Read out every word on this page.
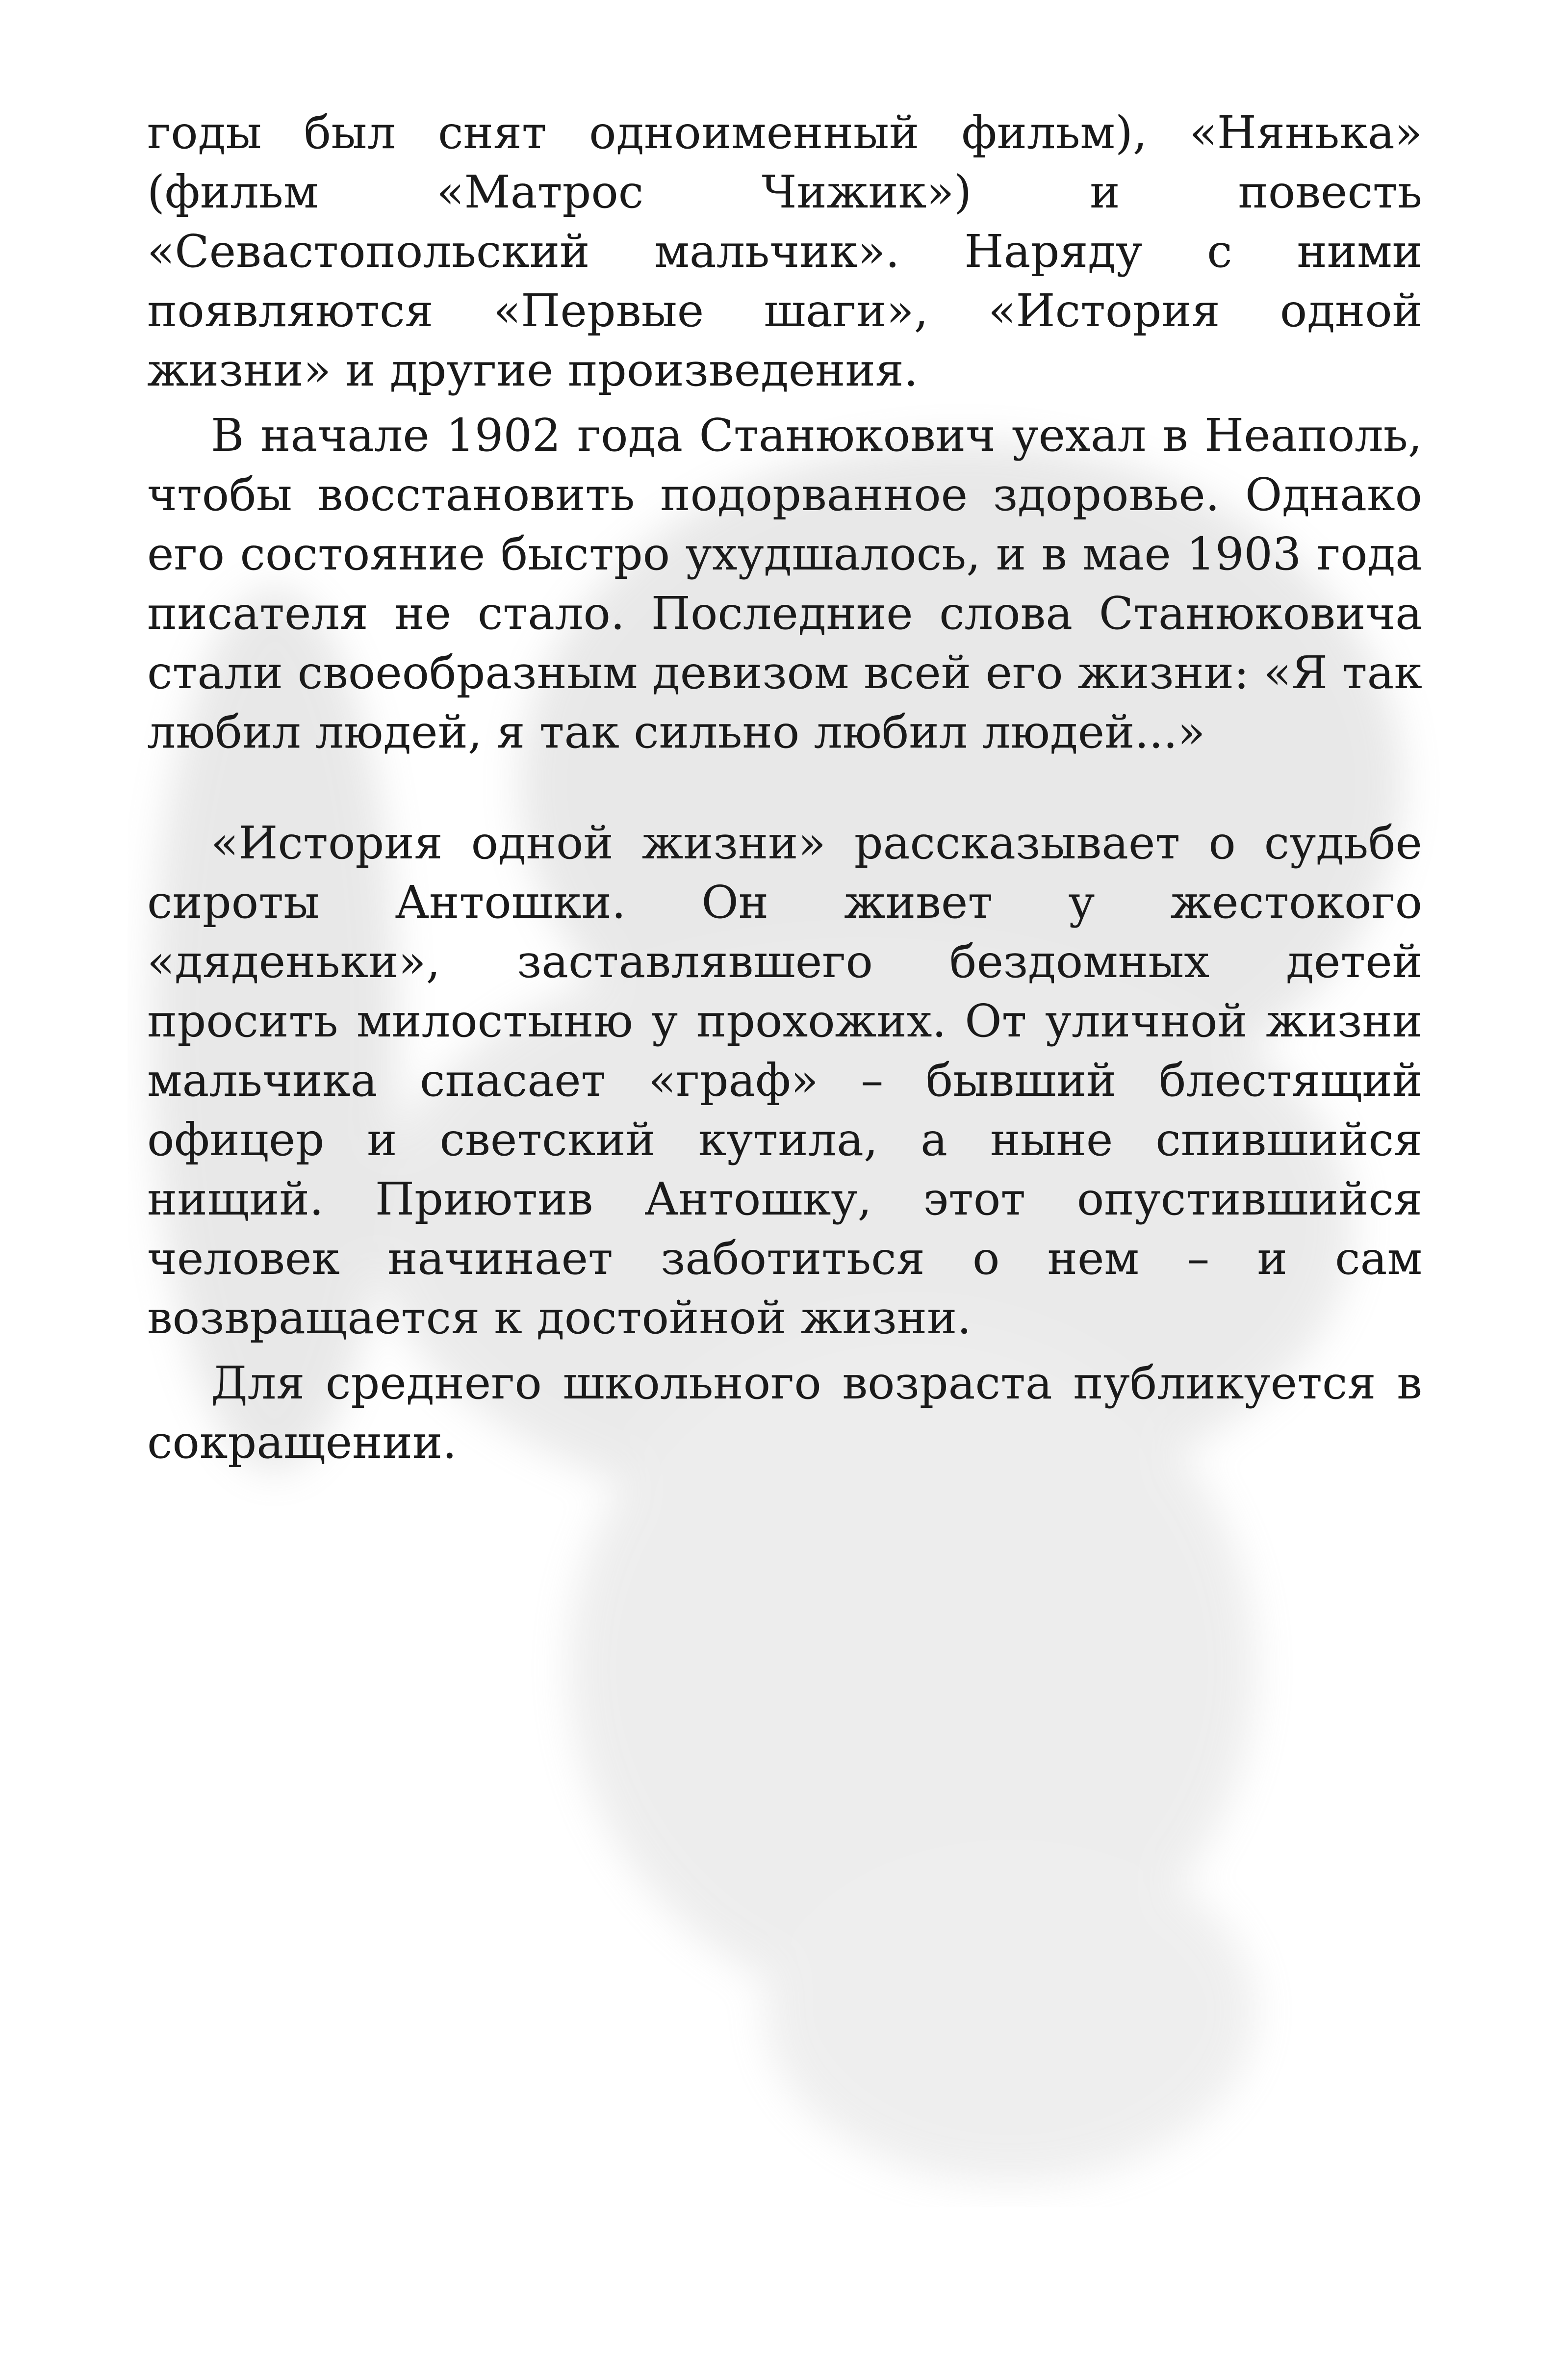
годы был снят одноименный фильм), «Нянька» (фильм «Матрос Чижик») и повесть «Севастопольский мальчик». Наряду с ними появляются «Первые шаги», «История одной жизни» и другие произведения.

В начале 1902 года Станюкович уехал в Неаполь, чтобы восстановить подорванное здоровье. Однако его состояние быстро ухудшалось, и в мае 1903 года писателя не стало. Последние слова Станюковича стали своеобразным девизом всей его жизни: «Я так любил людей, я так сильно любил людей...»

«История одной жизни» рассказывает о судьбе сироты Антошки. Он живет у жестокого «дяденьки», заставлявшего бездомных детей просить милостыню у прохожих. От уличной жизни мальчика спасает «граф» – бывший блестящий офицер и светский кутила, а ныне спившийся нищий. Приютив Антошку, этот опустившийся человек начинает заботиться о нем – и сам возвращается к достойной жизни.

Для среднего школьного возраста публикуется в сокращении.
